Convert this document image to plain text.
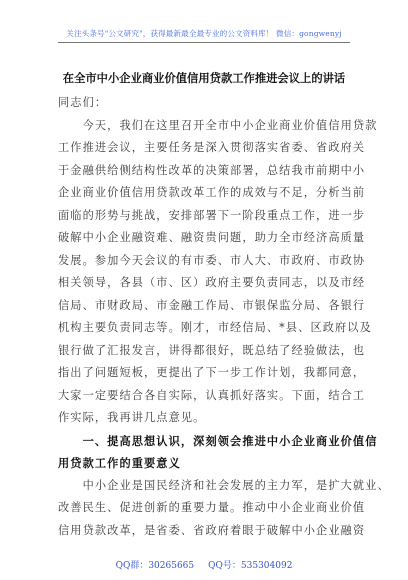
关注头条号"公文研究"，获得最新最全最专业的公文资料库！ 微信：gongwenyj
在全市中小企业商业价值信用贷款工作推进会议上的讲话
同志们：
　　今天，我们在这里召开全市中小企业商业价值信用贷款
工作推进会议，主要任务是深入贯彻落实省委、省政府关
于金融供给侧结构性改革的决策部署，总结我市前期中小
企业商业价值信用贷款改革工作的成效与不足，分析当前
面临的形势与挑战，安排部署下一阶段重点工作，进一步
破解中小企业融资难、融资贵问题，助力全市经济高质量
发展。参加今天会议的有市委、市人大、市政府、市政协
相关领导，各县（市、区）政府主要负责同志，以及市经
信局、市财政局、市金融工作局、市银保监分局、各银行
机构主要负责同志等。刚才，市经信局、*县、区政府以及
银行做了汇报发言，讲得都很好，既总结了经验做法，也
指出了问题短板，更提出了下一步工作计划，我都同意，
大家一定要结合各自实际，认真抓好落实。下面，结合工
作实际，我再讲几点意见。
　　一、提高思想认识，深刻领会推进中小企业商业价值信
用贷款工作的重要意义
　　中小企业是国民经济和社会发展的主力军，是扩大就业、
改善民生、促进创新的重要力量。推动中小企业商业价值
信用贷款改革，是省委、省政府着眼于破解中小企业融资
QQ群：30265665 QQ号：535304092
